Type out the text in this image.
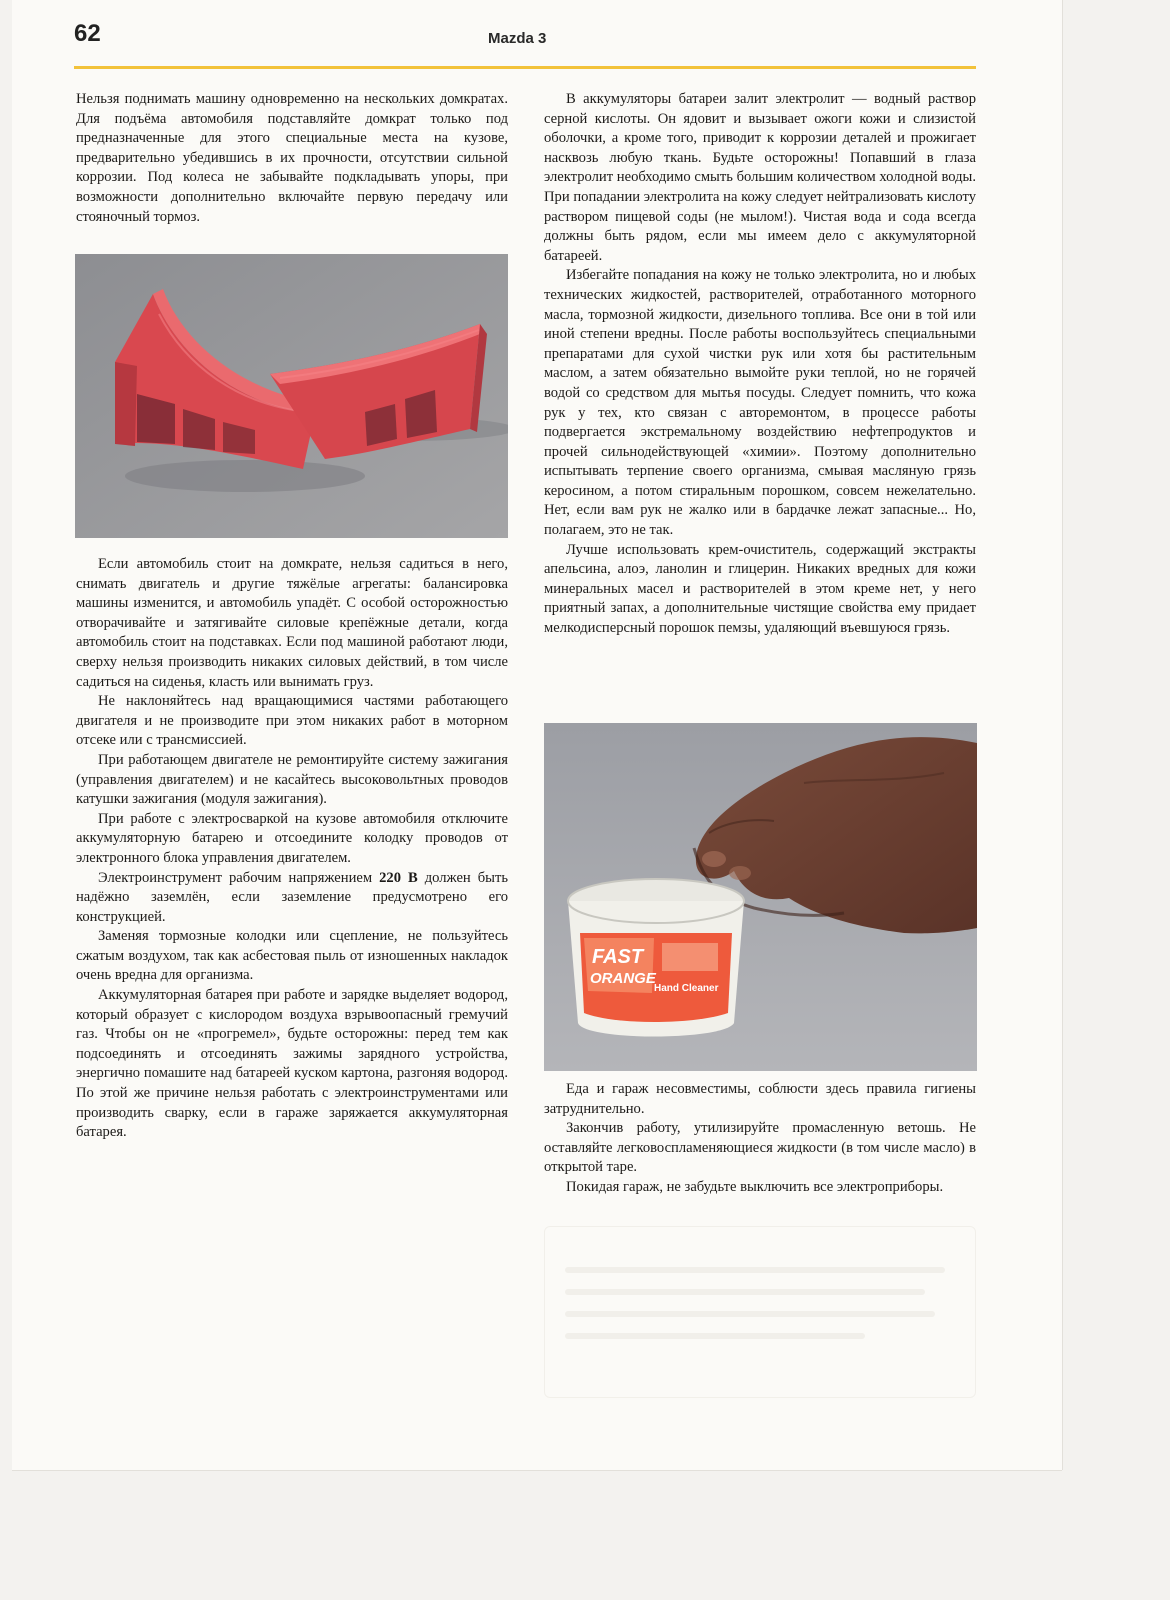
62	Mazda 3

Нельзя поднимать машину одновременно на нескольких домкратах. Для подъёма автомобиля подставляйте домкрат только под предназначенные для этого специальные места на кузове, предварительно убедившись в их прочности, отсутствии сильной коррозии. Под колеса не забывайте подкладывать упоры, при возможности дополнительно включайте первую передачу или стояночный тормоз.

Если автомобиль стоит на домкрате, нельзя садиться в него, снимать двигатель и другие тяжёлые агрегаты: балансировка машины изменится, и автомобиль упадёт. С особой осторожностью отворачивайте и затягивайте силовые крепёжные детали, когда автомобиль стоит на подставках. Если под машиной работают люди, сверху нельзя производить никаких силовых действий, в том числе садиться на сиденья, класть или вынимать груз.

Не наклоняйтесь над вращающимися частями работающего двигателя и не производите при этом никаких работ в моторном отсеке или с трансмиссией.

При работающем двигателе не ремонтируйте систему зажигания (управления двигателем) и не касайтесь высоковольтных проводов катушки зажигания (модуля зажигания).

При работе с электросваркой на кузове автомобиля отключите аккумуляторную батарею и отсоедините колодку проводов от электронного блока управления двигателем.

Электроинструмент рабочим напряжением 220 В должен быть надёжно заземлён, если заземление предусмотрено его конструкцией.

Заменяя тормозные колодки или сцепление, не пользуйтесь сжатым воздухом, так как асбестовая пыль от изношенных накладок очень вредна для организма.

Аккумуляторная батарея при работе и зарядке выделяет водород, который образует с кислородом воздуха взрывоопасный гремучий газ. Чтобы он не «прогремел», будьте осторожны: перед тем как подсоединять и отсоединять зажимы зарядного устройства, энергично помашите над батареей куском картона, разгоняя водород. По этой же причине нельзя работать с электроинструментами или производить сварку, если в гараже заряжается аккумуляторная батарея.

В аккумуляторы батареи залит электролит — водный раствор серной кислоты. Он ядовит и вызывает ожоги кожи и слизистой оболочки, а кроме того, приводит к коррозии деталей и прожигает насквозь любую ткань. Будьте осторожны! Попавший в глаза электролит необходимо смыть большим количеством холодной воды. При попадании электролита на кожу следует нейтрализовать кислоту раствором пищевой соды (не мылом!). Чистая вода и сода всегда должны быть рядом, если мы имеем дело с аккумуляторной батареей.

Избегайте попадания на кожу не только электролита, но и любых технических жидкостей, растворителей, отработанного моторного масла, тормозной жидкости, дизельного топлива. Все они в той или иной степени вредны. После работы воспользуйтесь специальными препаратами для сухой чистки рук или хотя бы растительным маслом, а затем обязательно вымойте руки теплой, но не горячей водой со средством для мытья посуды. Следует помнить, что кожа рук у тех, кто связан с авторемонтом, в процессе работы подвергается экстремальному воздействию нефтепродуктов и прочей сильнодействующей «химии». Поэтому дополнительно испытывать терпение своего организма, смывая масляную грязь керосином, а потом стиральным порошком, совсем нежелательно. Нет, если вам рук не жалко или в бардачке лежат запасные... Но, полагаем, это не так.

Лучше использовать крем-очиститель, содержащий экстракты апельсина, алоэ, ланолин и глицерин. Никаких вредных для кожи минеральных масел и растворителей в этом креме нет, у него приятный запах, а дополнительные чистящие свойства ему придает мелкодисперсный порошок пемзы, удаляющий въевшуюся грязь.

FAST
ORANGE
Hand Cleaner

Еда и гараж несовместимы, соблюсти здесь правила гигиены затруднительно.

Закончив работу, утилизируйте промасленную ветошь. Не оставляйте легковоспламеняющиеся жидкости (в том числе масло) в открытой таре.

Покидая гараж, не забудьте выключить все электроприборы.
